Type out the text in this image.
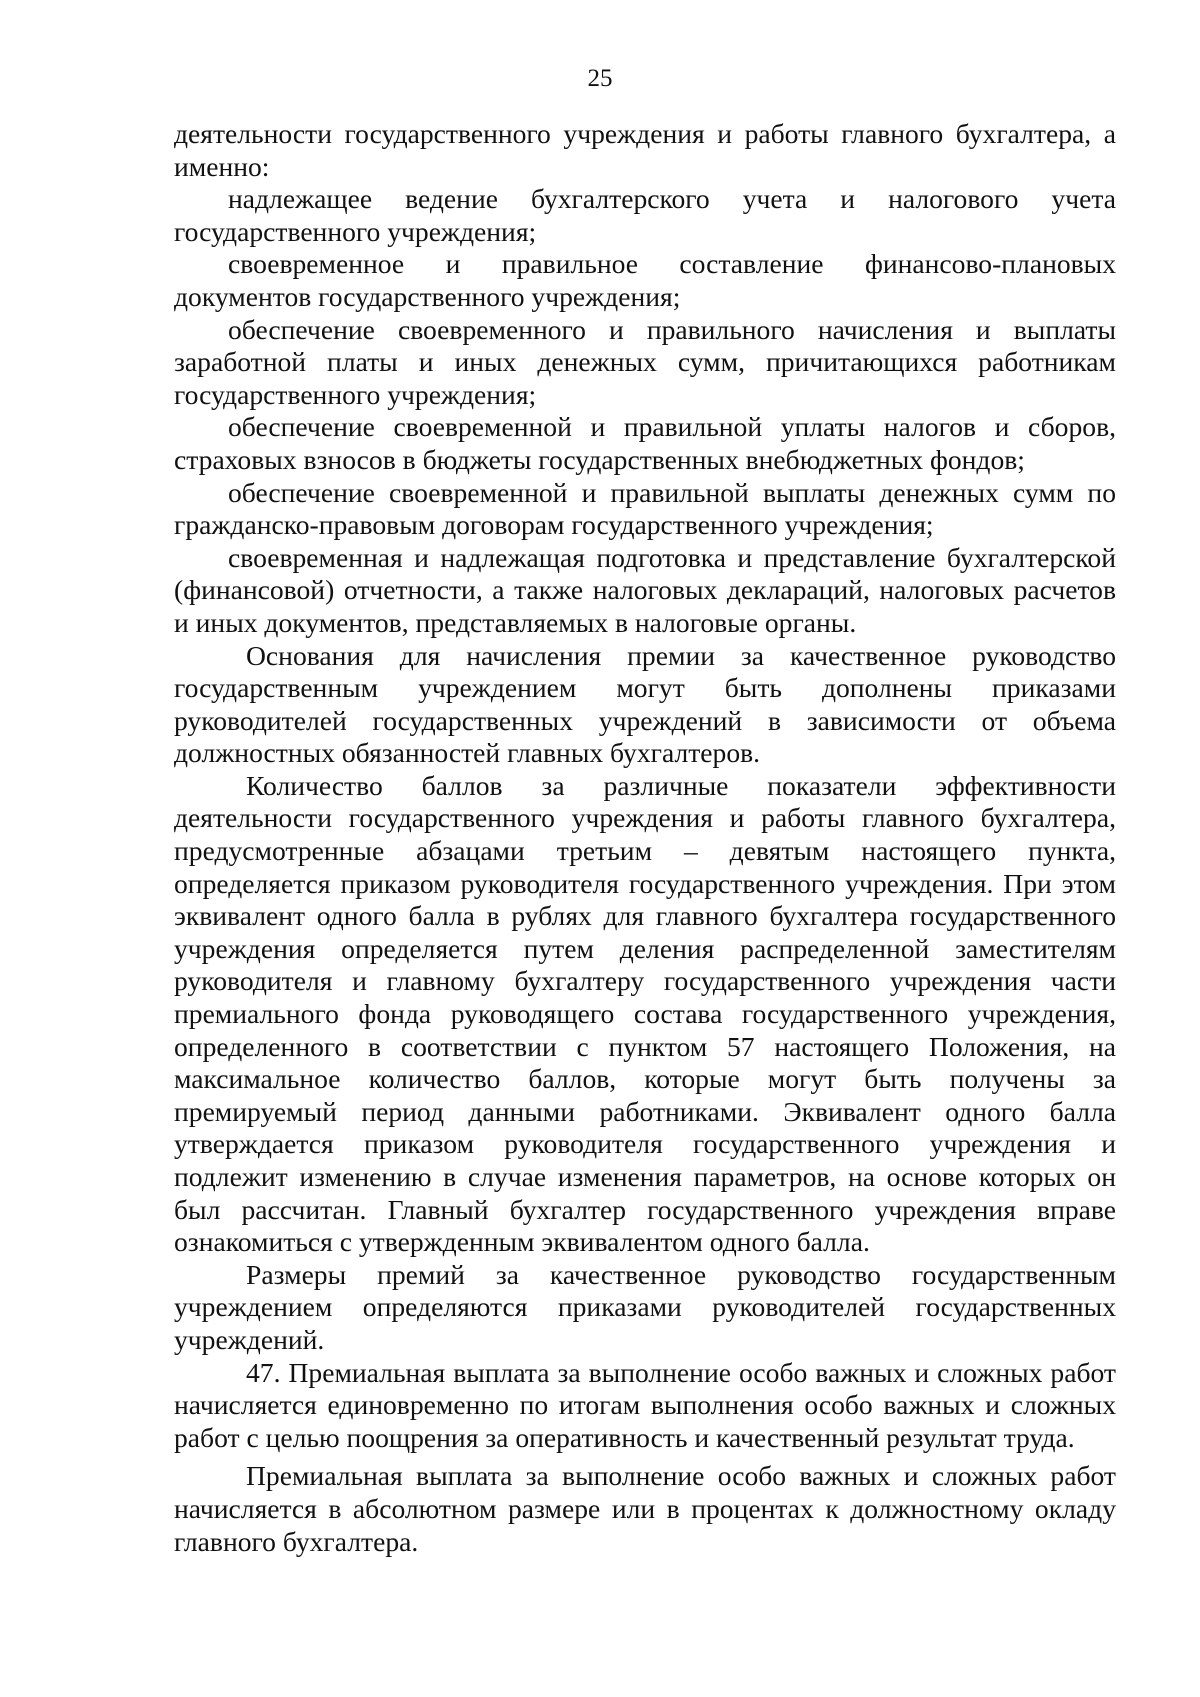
25

деятельности государственного учреждения и работы главного бухгалтера, а именно:

надлежащее ведение бухгалтерского учета и налогового учета государственного учреждения;

своевременное и правильное составление финансово-плановых документов государственного учреждения;

обеспечение своевременного и правильного начисления и выплаты заработной платы и иных денежных сумм, причитающихся работникам государственного учреждения;

обеспечение своевременной и правильной уплаты налогов и сборов, страховых взносов в бюджеты государственных внебюджетных фондов;

обеспечение своевременной и правильной выплаты денежных сумм по гражданско-правовым договорам государственного учреждения;

своевременная и надлежащая подготовка и представление бухгалтерской (финансовой) отчетности, а также налоговых деклараций, налоговых расчетов и иных документов, представляемых в налоговые органы.

Основания для начисления премии за качественное руководство государственным учреждением могут быть дополнены приказами руководителей государственных учреждений в зависимости от объема должностных обязанностей главных бухгалтеров.

Количество баллов за различные показатели эффективности деятельности государственного учреждения и работы главного бухгалтера, предусмотренные абзацами третьим – девятым настоящего пункта, определяется приказом руководителя государственного учреждения. При этом эквивалент одного балла в рублях для главного бухгалтера государственного учреждения определяется путем деления распределенной заместителям руководителя и главному бухгалтеру государственного учреждения части премиального фонда руководящего состава государственного учреждения, определенного в соответствии с пунктом 57 настоящего Положения, на максимальное количество баллов, которые могут быть получены за премируемый период данными работниками. Эквивалент одного балла утверждается приказом руководителя государственного учреждения и подлежит изменению в случае изменения параметров, на основе которых он был рассчитан. Главный бухгалтер государственного учреждения вправе ознакомиться с утвержденным эквивалентом одного балла.

Размеры премий за качественное руководство государственным учреждением определяются приказами руководителей государственных учреждений.

47. Премиальная выплата за выполнение особо важных и сложных работ начисляется единовременно по итогам выполнения особо важных и сложных работ с целью поощрения за оперативность и качественный результат труда.

Премиальная выплата за выполнение особо важных и сложных работ начисляется в абсолютном размере или в процентах к должностному окладу главного бухгалтера.
